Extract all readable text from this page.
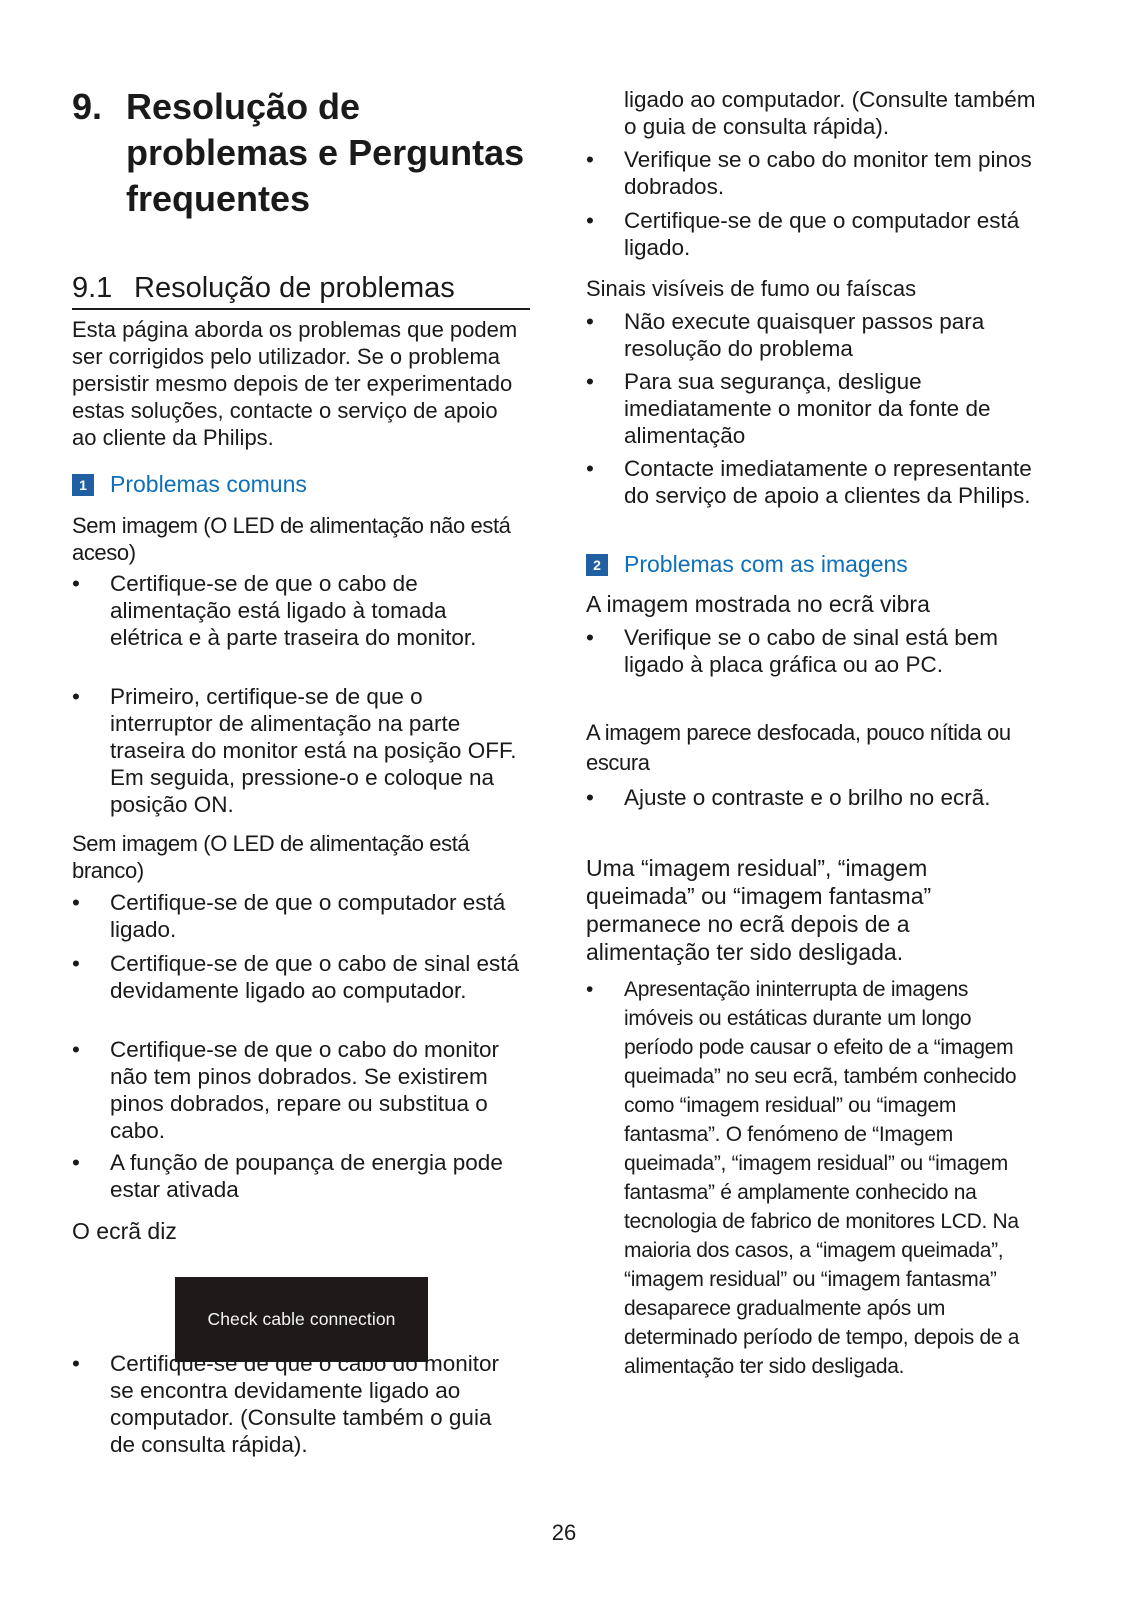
9. Resolução de problemas e Perguntas frequentes
9.1 Resolução de problemas
Esta página aborda os problemas que podem ser corrigidos pelo utilizador. Se o problema persistir mesmo depois de ter experimentado estas soluções, contacte o serviço de apoio ao cliente da Philips.
1 Problemas comuns
Sem imagem (O LED de alimentação não está aceso)
•	Certifique-se de que o cabo de alimentação está ligado à tomada elétrica e à parte traseira do monitor.
•	Primeiro, certifique-se de que o interruptor de alimentação na parte traseira do monitor está na posição OFF. Em seguida, pressione-o e coloque na posição ON.
Sem imagem (O LED de alimentação está branco)
•	Certifique-se de que o computador está ligado.
•	Certifique-se de que o cabo de sinal está devidamente ligado ao computador.
•	Certifique-se de que o cabo do monitor não tem pinos dobrados. Se existirem pinos dobrados, repare ou substitua o cabo.
•	A função de poupança de energia pode estar ativada
O ecrã diz
Check cable connection
•	Certifique-se de que o cabo do monitor se encontra devidamente ligado ao computador. (Consulte também o guia de consulta rápida).
ligado ao computador. (Consulte também o guia de consulta rápida).
•	Verifique se o cabo do monitor tem pinos dobrados.
•	Certifique-se de que o computador está ligado.
Sinais visíveis de fumo ou faíscas
•	Não execute quaisquer passos para resolução do problema
•	Para sua segurança, desligue imediatamente o monitor da fonte de alimentação
•	Contacte imediatamente o representante do serviço de apoio a clientes da Philips.
2 Problemas com as imagens
A imagem mostrada no ecrã vibra
•	Verifique se o cabo de sinal está bem ligado à placa gráfica ou ao PC.
A imagem parece desfocada, pouco nítida ou escura
•	Ajuste o contraste e o brilho no ecrã.
Uma “imagem residual”, “imagem queimada” ou “imagem fantasma” permanece no ecrã depois de a alimentação ter sido desligada.
•	Apresentação ininterrupta de imagens imóveis ou estáticas durante um longo período pode causar o efeito de a “imagem queimada” no seu ecrã, também conhecido como “imagem residual” ou “imagem fantasma”. O fenómeno de “Imagem queimada”, “imagem residual” ou “imagem fantasma” é amplamente conhecido na tecnologia de fabrico de monitores LCD. Na maioria dos casos, a “imagem queimada”, “imagem residual” ou “imagem fantasma” desaparece gradualmente após um determinado período de tempo, depois de a alimentação ter sido desligada.
26
